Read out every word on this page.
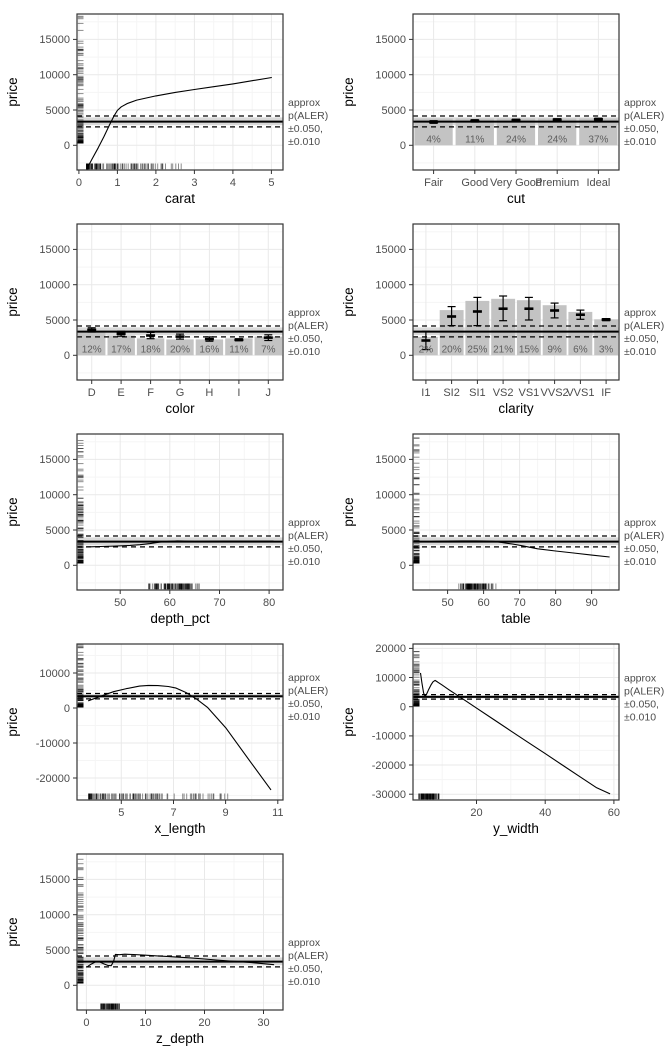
0
5000
10000
15000
0	1	2	3	4	5
carat
price	approx
p(ALER)
±0.050,
±0.010	4% 11% 24% 24% 37%
0
5000
10000
15000
Fair Good Very Good
Premium Ideal
cut
price	approx
p(ALER)
±0.050,
±0.010
12% 17% 18% 20% 16% 11% 7%
0
5000
10000
15000
D E F G H I J
color
price	approx
p(ALER)
±0.050,
±0.010	2% 20% 25% 21% 15% 9% 6% 3%
0
5000
10000
15000
I1 SI2 SI1 VS2 VS1 VVS2
VVS1 IF
clarity
price	approx
p(ALER)
±0.050,
±0.010
0
5000
10000
15000
50	60	70	80
depth_pct
price	approx
p(ALER)
±0.050,
±0.010	0
5000
10000
15000
50 60 70 80 90
table
price	approx
p(ALER)
±0.050,
±0.010
-20000
-10000
0
10000
5	7	9	11
x_length
price
approx
p(ALER)
±0.050,
±0.010
-30000
-20000
-10000
0
10000
20000
20	40	60
y_width
price
approx
p(ALER)
±0.050,
±0.010
0
5000
10000
15000
0	10	20	30
z_depth
price	approx
p(ALER)
±0.050,
±0.010
